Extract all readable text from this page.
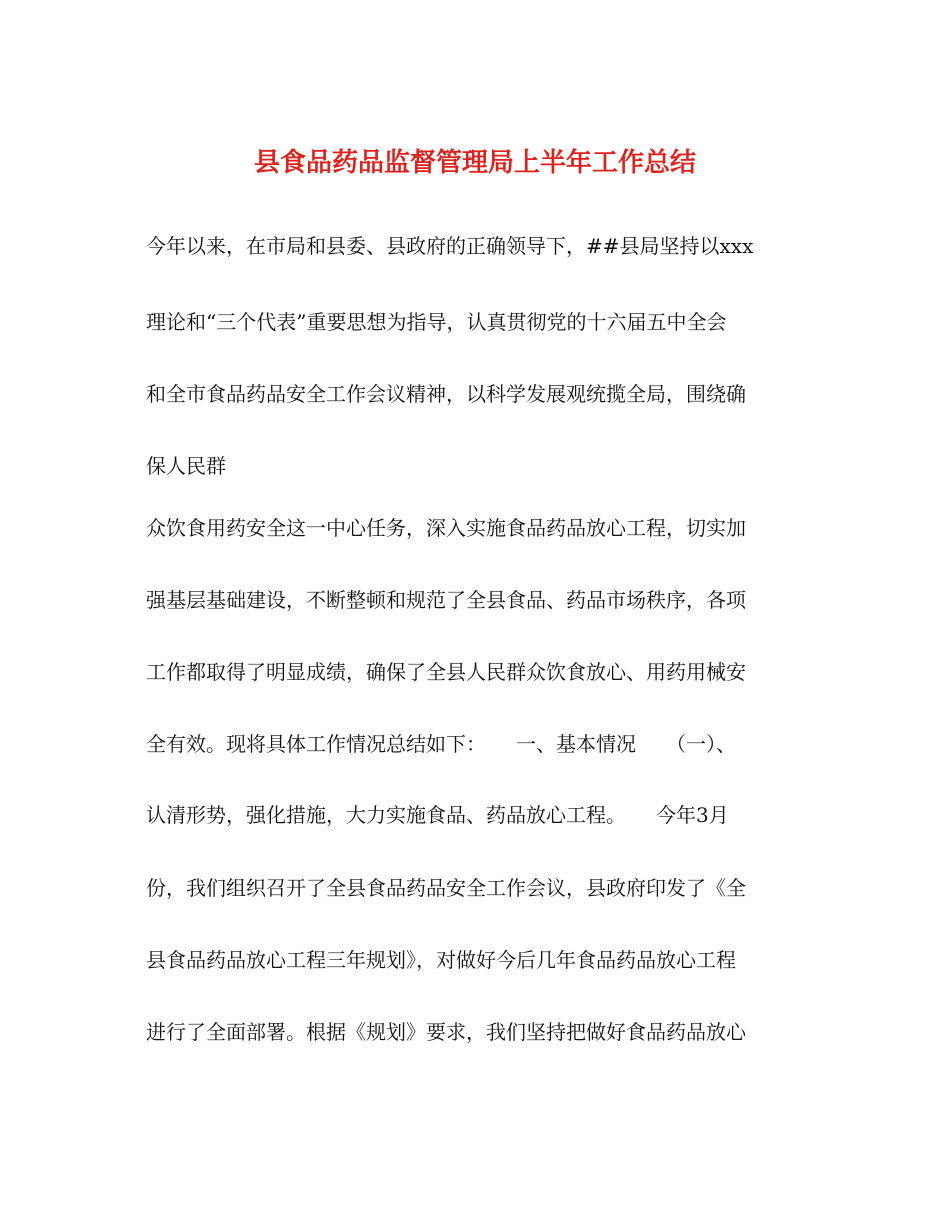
县食品药品监督管理局上半年工作总结
今年以来，在市局和县委、县政府的正确领导下，##县局坚持以xxx
理论和“三个代表”重要思想为指导，认真贯彻党的十六届五中全会
和全市食品药品安全工作会议精神，以科学发展观统揽全局，围绕确
保人民群
众饮食用药安全这一中心任务，深入实施食品药品放心工程，切实加
强基层基础建设，不断整顿和规范了全县食品、药品市场秩序，各项
工作都取得了明显成绩，确保了全县人民群众饮食放心、用药用械安
全有效。现将具体工作情况总结如下：　　一、基本情况　　（一）、
认清形势，强化措施，大力实施食品、药品放心工程。　　今年3月
份，我们组织召开了全县食品药品安全工作会议，县政府印发了《全
县食品药品放心工程三年规划》，对做好今后几年食品药品放心工程
进行了全面部署。根据《规划》要求，我们坚持把做好食品药品放心
